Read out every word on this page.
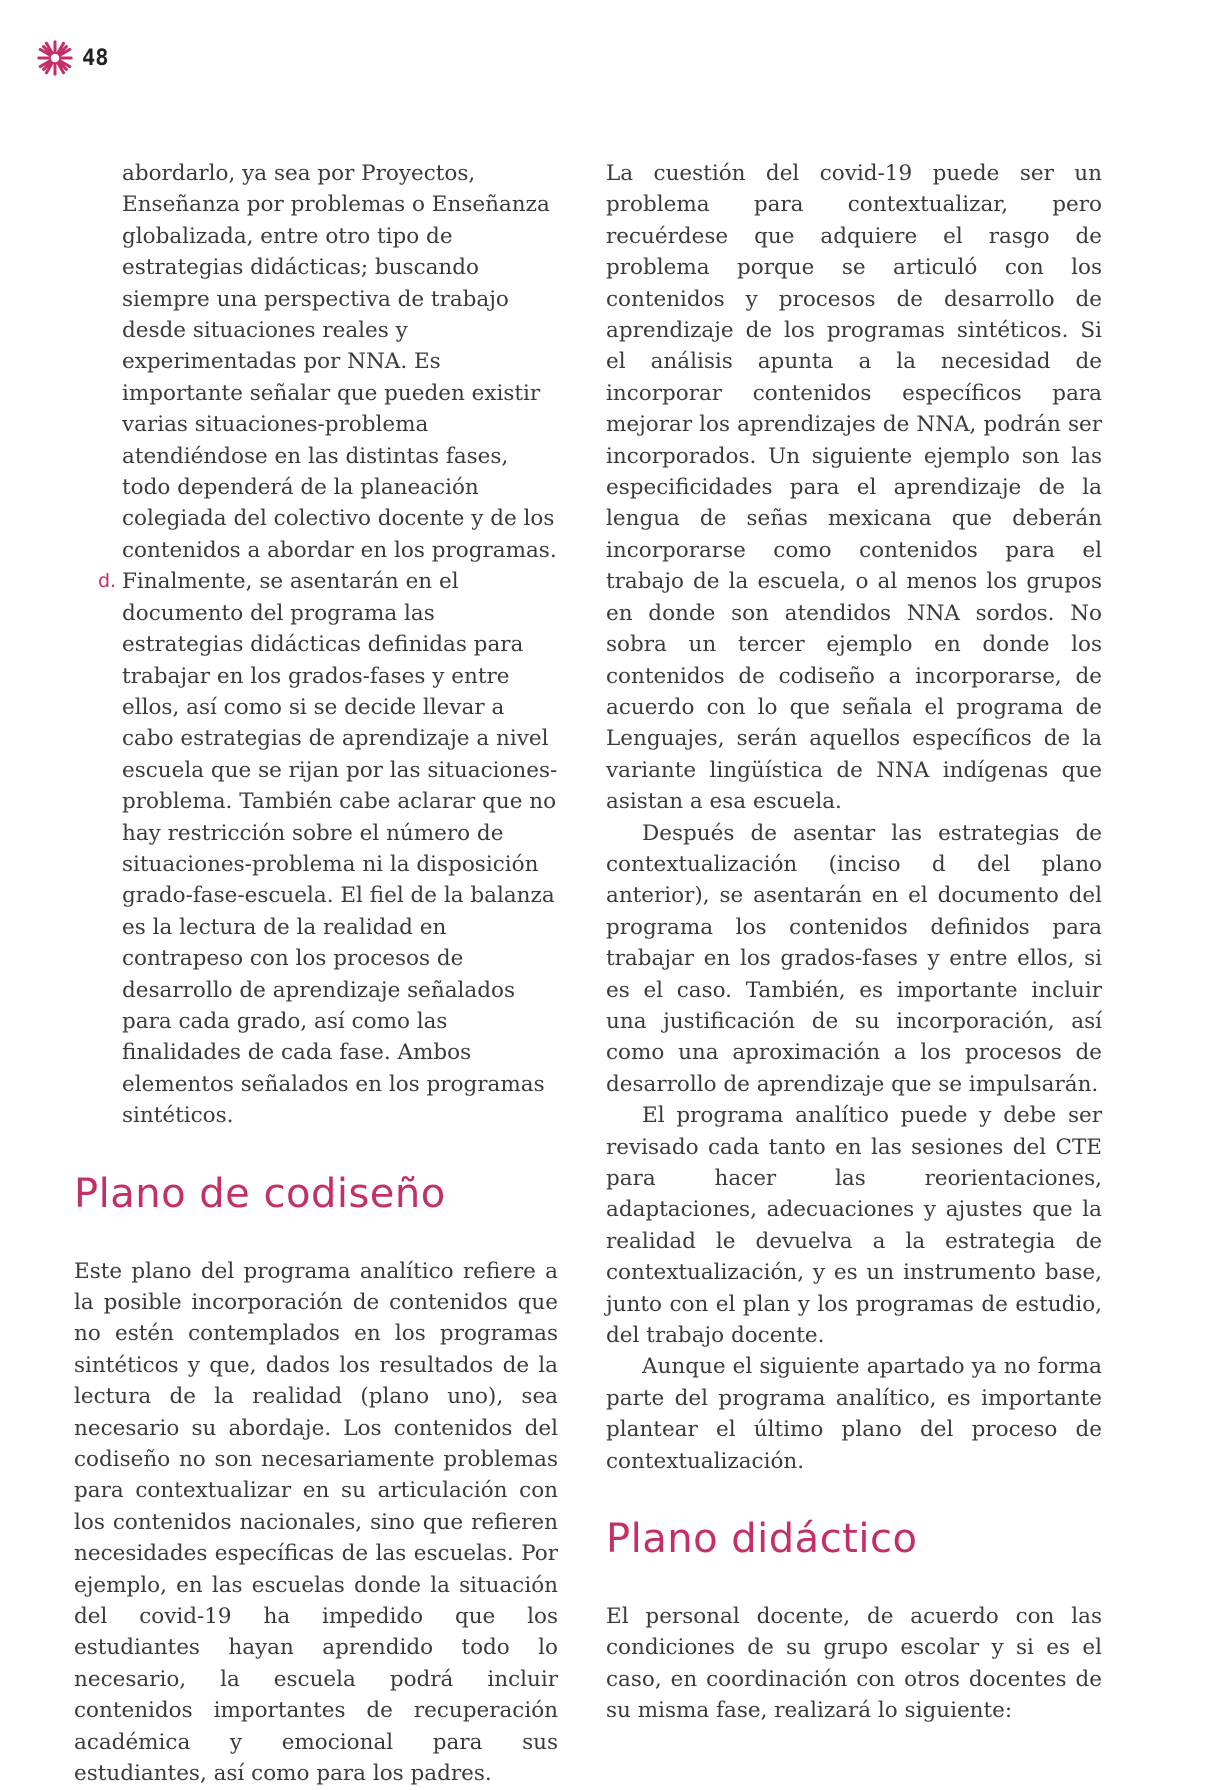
48

abordarlo, ya sea por Proyectos, Enseñanza por problemas o Enseñanza globalizada, entre otro tipo de estrategias didácticas; buscando siempre una perspectiva de trabajo desde situaciones reales y experimentadas por NNA. Es importante señalar que pueden existir varias situaciones-problema atendiéndose en las distintas fases, todo dependerá de la planeación colegiada del colectivo docente y de los contenidos a abordar en los programas.

d. Finalmente, se asentarán en el documento del programa las estrategias didácticas definidas para trabajar en los grados-fases y entre ellos, así como si se decide llevar a cabo estrategias de aprendizaje a nivel escuela que se rijan por las situaciones-problema. También cabe aclarar que no hay restricción sobre el número de situaciones-problema ni la disposición grado-fase-escuela. El fiel de la balanza es la lectura de la realidad en contrapeso con los procesos de desarrollo de aprendizaje señalados para cada grado, así como las finalidades de cada fase. Ambos elementos señalados en los programas sintéticos.

Plano de codiseño

Este plano del programa analítico refiere a la posible incorporación de contenidos que no estén contemplados en los programas sintéticos y que, dados los resultados de la lectura de la realidad (plano uno), sea necesario su abordaje. Los contenidos del codiseño no son necesariamente problemas para contextualizar en su articulación con los contenidos nacionales, sino que refieren necesidades específicas de las escuelas. Por ejemplo, en las escuelas donde la situación del covid-19 ha impedido que los estudiantes hayan aprendido todo lo necesario, la escuela podrá incluir contenidos importantes de recuperación académica y emocional para sus estudiantes, así como para los padres.

La cuestión del covid-19 puede ser un problema para contextualizar, pero recuérdese que adquiere el rasgo de problema porque se articuló con los contenidos y procesos de desarrollo de aprendizaje de los programas sintéticos. Si el análisis apunta a la necesidad de incorporar contenidos específicos para mejorar los aprendizajes de NNA, podrán ser incorporados. Un siguiente ejemplo son las especificidades para el aprendizaje de la lengua de señas mexicana que deberán incorporarse como contenidos para el trabajo de la escuela, o al menos los grupos en donde son atendidos NNA sordos. No sobra un tercer ejemplo en donde los contenidos de codiseño a incorporarse, de acuerdo con lo que señala el programa de Lenguajes, serán aquellos específicos de la variante lingüística de NNA indígenas que asistan a esa escuela.

Después de asentar las estrategias de contextualización (inciso d del plano anterior), se asentarán en el documento del programa los contenidos definidos para trabajar en los grados-fases y entre ellos, si es el caso. También, es importante incluir una justificación de su incorporación, así como una aproximación a los procesos de desarrollo de aprendizaje que se impulsarán.

El programa analítico puede y debe ser revisado cada tanto en las sesiones del CTE para hacer las reorientaciones, adaptaciones, adecuaciones y ajustes que la realidad le devuelva a la estrategia de contextualización, y es un instrumento base, junto con el plan y los programas de estudio, del trabajo docente.

Aunque el siguiente apartado ya no forma parte del programa analítico, es importante plantear el último plano del proceso de contextualización.

Plano didáctico

El personal docente, de acuerdo con las condiciones de su grupo escolar y si es el caso, en coordinación con otros docentes de su misma fase, realizará lo siguiente:
